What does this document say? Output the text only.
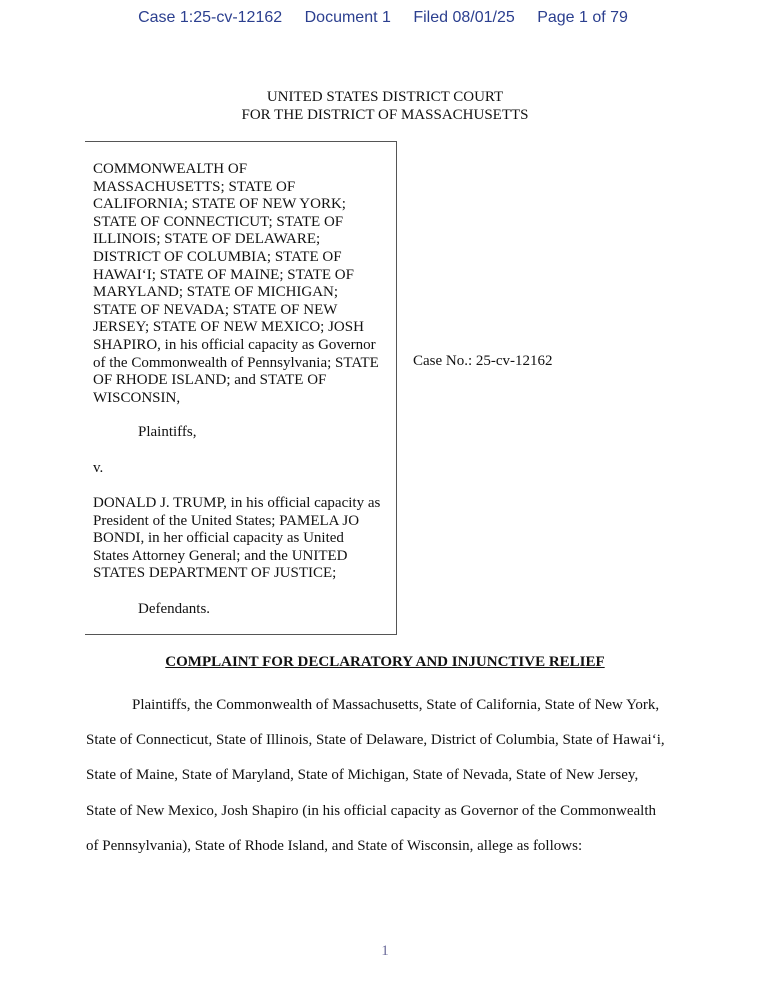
Case 1:25-cv-12162 Document 1 Filed 08/01/25 Page 1 of 79
UNITED STATES DISTRICT COURT
FOR THE DISTRICT OF MASSACHUSETTS
COMMONWEALTH OF
MASSACHUSETTS; STATE OF
CALIFORNIA; STATE OF NEW YORK;
STATE OF CONNECTICUT; STATE OF
ILLINOIS; STATE OF DELAWARE;
DISTRICT OF COLUMBIA; STATE OF
HAWAIʻI; STATE OF MAINE; STATE OF
MARYLAND; STATE OF MICHIGAN;
STATE OF NEVADA; STATE OF NEW
JERSEY; STATE OF NEW MEXICO; JOSH
SHAPIRO, in his official capacity as Governor
of the Commonwealth of Pennsylvania; STATE
OF RHODE ISLAND; and STATE OF
WISCONSIN,
Plaintiffs,
v.
DONALD J. TRUMP, in his official capacity as
President of the United States; PAMELA JO
BONDI, in her official capacity as United
States Attorney General; and the UNITED
STATES DEPARTMENT OF JUSTICE;
Defendants.
Case No.: 25-cv-12162
COMPLAINT FOR DECLARATORY AND INJUNCTIVE RELIEF
Plaintiffs, the Commonwealth of Massachusetts, State of California, State of New York,
State of Connecticut, State of Illinois, State of Delaware, District of Columbia, State of Hawaiʻi,
State of Maine, State of Maryland, State of Michigan, State of Nevada, State of New Jersey,
State of New Mexico, Josh Shapiro (in his official capacity as Governor of the Commonwealth
of Pennsylvania), State of Rhode Island, and State of Wisconsin, allege as follows:
1
